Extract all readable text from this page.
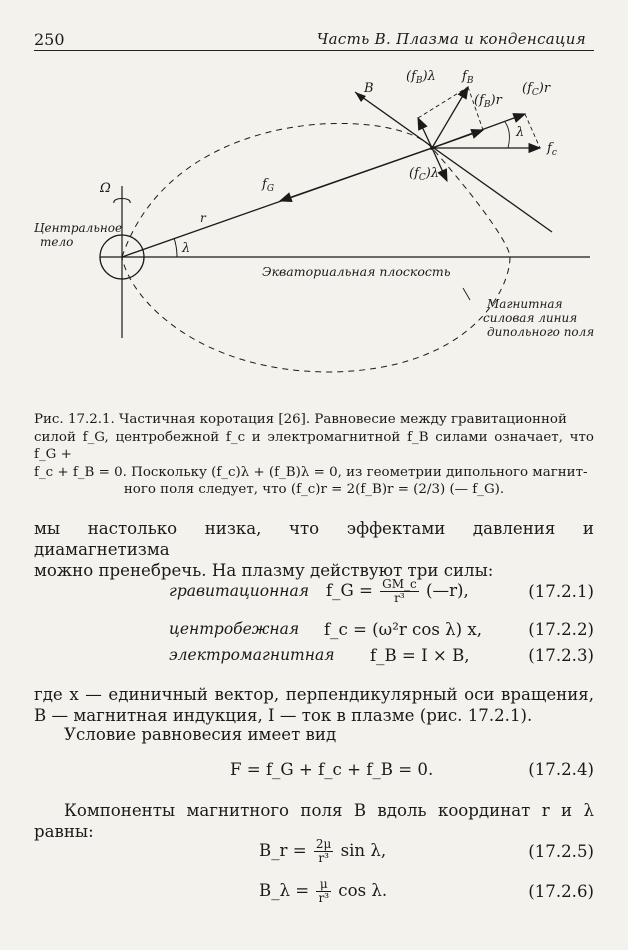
250	Часть В. Плазма и конденсация
Ω
Центральное
тело
Экваториальная плоскость
Магнитная
силовая линия
дипольного поля
r
λ
$f_G$
B
$f_c$
$(f_C)r$
λ
$(f_C)\lambda$
$f_B$
$(f_B)\lambda$
$(f_B)r$
Рис. 17.2.1. Частичная коротация [26]. Равновесие между гравитационной
силой f_G, центробежной f_c и электромагнитной f_B силами означает, что f_G +
f_c + f_B = 0. Поскольку (f_c)λ + (f_B)λ = 0, из геометрии дипольного магнит-
ного поля следует, что (f_c)r = 2(f_B)r = (2/3) (— f_G).
мы настолько низка, что эффектами давления и диамагнетизма
можно пренебречь. На плазму действуют три силы:
гравитационная f_G = $\frac{GM\_c}{\text{r³}}$ (—r),	(17.2.1)
центробежная f_c = (ω²r cos λ) x,	(17.2.2)
электромагнитная f_B = I × B,	(17.2.3)
где x — единичный вектор, перпендикулярный оси вращения,
B — магнитная индукция, I — ток в плазме (рис. 17.2.1).
Условие равновесия имеет вид
F = f_G + f_c + f_B = 0.	(17.2.4)
Компоненты магнитного поля B вдоль координат r и λ равны:
B_r = $\frac{2\mu}{\text{r³}}$ sin λ,	(17.2.5)
B_λ = $\frac{\mu}{\text{r³}}$ cos λ.	(17.2.6)
